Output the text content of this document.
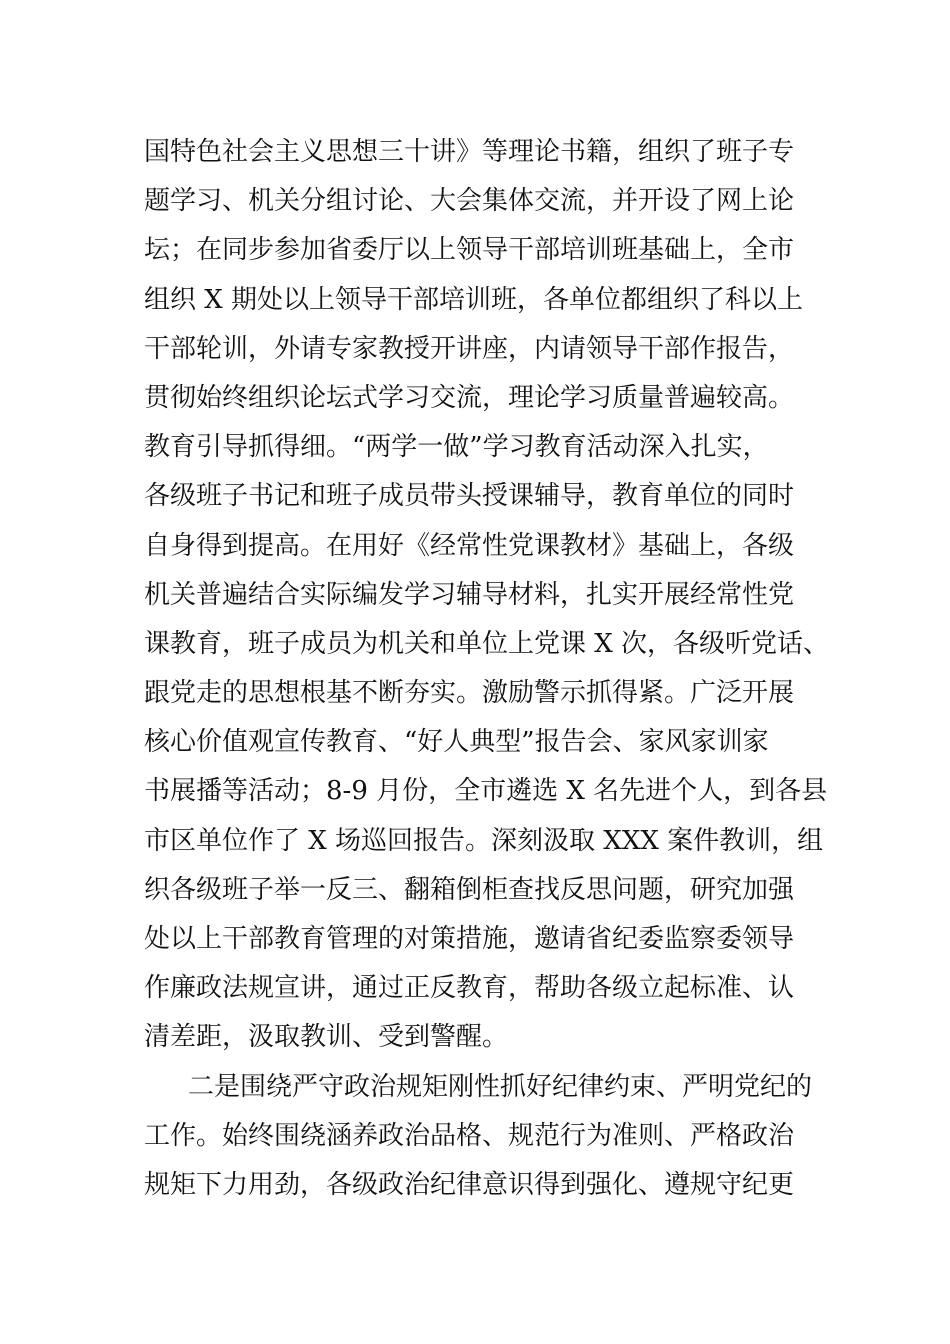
国特色社会主义思想三十讲》等理论书籍，组织了班子专
题学习、机关分组讨论、大会集体交流，并开设了网上论
坛；在同步参加省委厅以上领导干部培训班基础上，全市
组织 X 期处以上领导干部培训班，各单位都组织了科以上
干部轮训，外请专家教授开讲座，内请领导干部作报告，
贯彻始终组织论坛式学习交流，理论学习质量普遍较高。
教育引导抓得细。“两学一做”学习教育活动深入扎实，
各级班子书记和班子成员带头授课辅导，教育单位的同时
自身得到提高。在用好《经常性党课教材》基础上，各级
机关普遍结合实际编发学习辅导材料，扎实开展经常性党
课教育，班子成员为机关和单位上党课 X 次，各级听党话、
跟党走的思想根基不断夯实。激励警示抓得紧。广泛开展
核心价值观宣传教育、“好人典型”报告会、家风家训家
书展播等活动；8-9 月份，全市遴选 X 名先进个人，到各县
市区单位作了 X 场巡回报告。深刻汲取 XXX 案件教训，组
织各级班子举一反三、翻箱倒柜查找反思问题，研究加强
处以上干部教育管理的对策措施，邀请省纪委监察委领导
作廉政法规宣讲，通过正反教育，帮助各级立起标准、认
清差距，汲取教训、受到警醒。
二是围绕严守政治规矩刚性抓好纪律约束、严明党纪的
工作。始终围绕涵养政治品格、规范行为准则、严格政治
规矩下力用劲，各级政治纪律意识得到强化、遵规守纪更
